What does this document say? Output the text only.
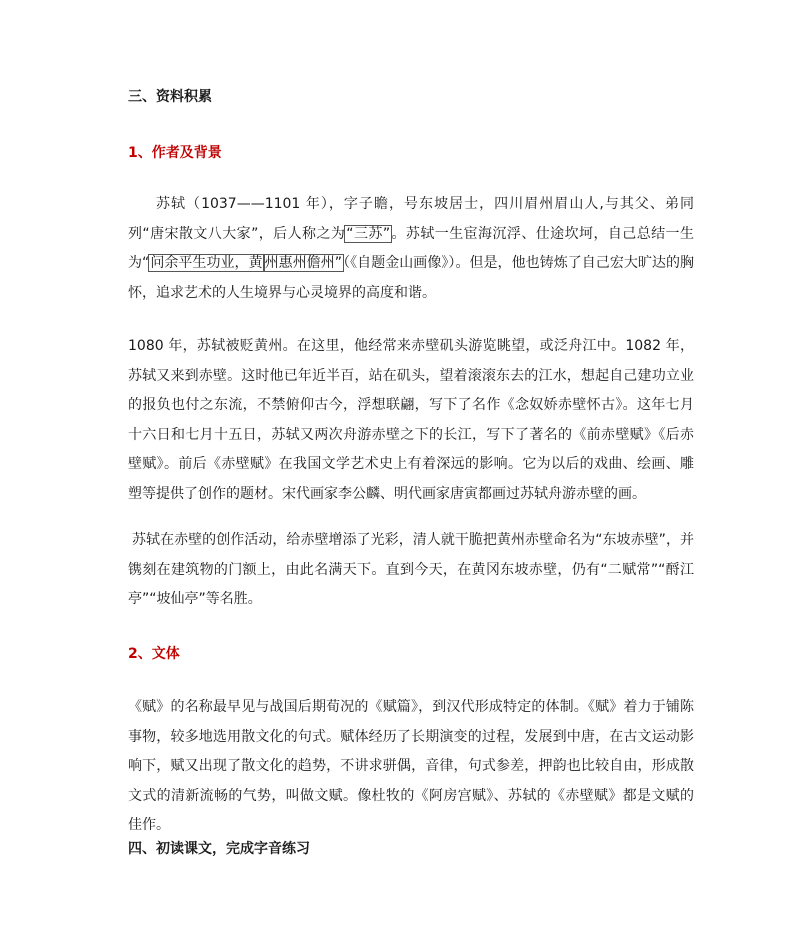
三、资料积累
1、作者及背景
苏轼（1037——1101 年），字子瞻，号东坡居士，四川眉州眉山人,与其父、弟同列“唐宋散文八大家”，后人称之为“三苏”。苏轼一生宦海沉浮、仕途坎坷，自己总结一生为“问余平生功业，黄 州惠州儋州”（《自题金山画像》）。但是，他也铸炼了自己宏大旷达的胸怀，追求艺术的人生境界与心灵境界的高度和谐。
1080 年，苏轼被贬黄州。在这里，他经常来赤壁矶头游览眺望，或泛舟江中。1082 年，苏轼又来到赤壁。这时他已年近半百，站在矶头，望着滚滚东去的江水，想起自己建功立业的报负也付之东流，不禁俯仰古今，浮想联翩，写下了名作《念奴娇赤壁怀古》。这年七月十六日和七月十五日，苏轼又两次舟游赤壁之下的长江，写下了著名的《前赤壁赋》《后赤壁赋》。前后《赤壁赋》在我国文学艺术史上有着深远的影响。它为以后的戏曲、绘画、雕塑等提供了创作的题材。宋代画家李公麟、明代画家唐寅都画过苏轼舟游赤壁的画。
苏轼在赤壁的创作活动，给赤壁增添了光彩，清人就干脆把黄州赤壁命名为“东坡赤壁”，并镌刻在建筑物的门额上，由此名满天下。直到今天，在黄冈东坡赤壁，仍有“二赋常”“酹江亭”“坡仙亭”等名胜。
2、文体
《赋》的名称最早见与战国后期荀况的《赋篇》，到汉代形成特定的体制。《赋》着力于铺陈事物，较多地选用散文化的句式。赋体经历了长期演变的过程，发展到中唐，在古文运动影响下，赋又出现了散文化的趋势，不讲求骈偶，音律，句式参差，押韵也比较自由，形成散文式的清新流畅的气势，叫做文赋。像杜牧的《阿房宫赋》、苏轼的《赤壁赋》都是文赋的佳作。
四、初读课文，完成字音练习
